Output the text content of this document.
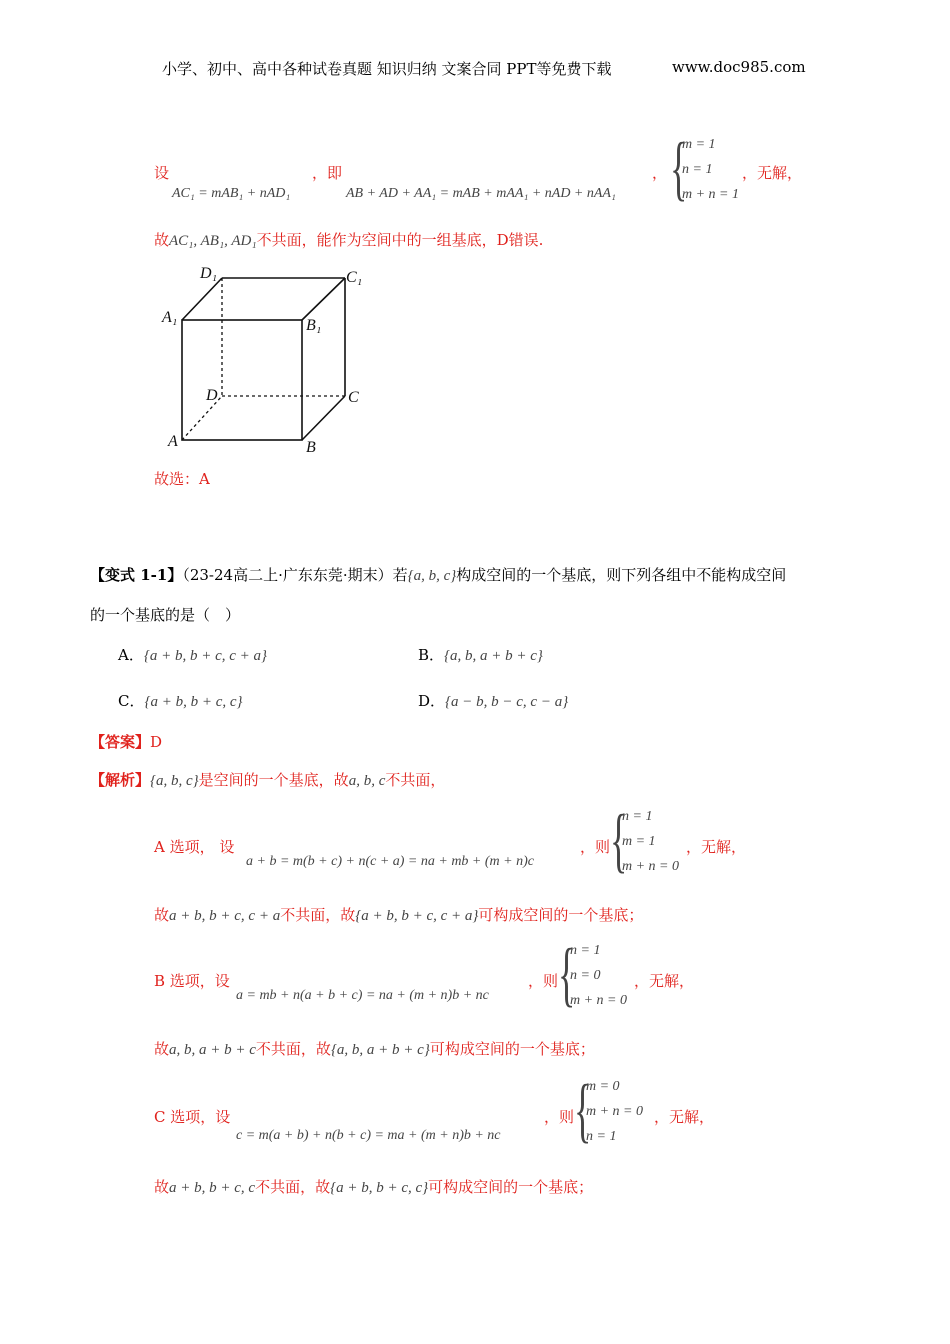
小学、初中、高中各种试卷真题 知识归纳 文案合同 PPT等免费下载	www.doc985.com
设
AC₁ = mAB₁ + nAD₁
，即
AB + AD + AA₁ = mAB + mAA₁ + nAD + nAA₁
， {
m = 1
n = 1
m + n = 1
，无解，
故AC₁, AB₁, AD₁不共面，能作为空间中的一组基底，D错误.
D₁	C₁
A₁	B₁
D	C
A	B
故选：A
【变式 1-1】（23-24高二上·广东东莞·期末）若{a, b, c}构成空间的一个基底，则下列各组中不能构成空间
的一个基底的是（　）
A．{a + b, b + c, c + a}	B．{a, b, a + b + c}
C．{a + b, b + c, c}	D．{a − b, b − c, c − a}
【答案】D
【解析】{a, b, c}是空间的一个基底，故a, b, c不共面，
A 选项， 设
a + b = m(b + c) + n(c + a) = na + mb + (m + n)c
，则 {
n = 1
m = 1
m + n = 0
，无解，
故a + b, b + c, c + a不共面，故{a + b, b + c, c + a}可构成空间的一个基底；
B 选项，设
a = mb + n(a + b + c) = na + (m + n)b + nc
，则 {
n = 1
n = 0
m + n = 0
，无解，
故a, b, a + b + c不共面，故{a, b, a + b + c}可构成空间的一个基底；
C 选项，设
c = m(a + b) + n(b + c) = ma + (m + n)b + nc
，则 {
m = 0
m + n = 0
n = 1
，无解，
故a + b, b + c, c不共面，故{a + b, b + c, c}可构成空间的一个基底；
